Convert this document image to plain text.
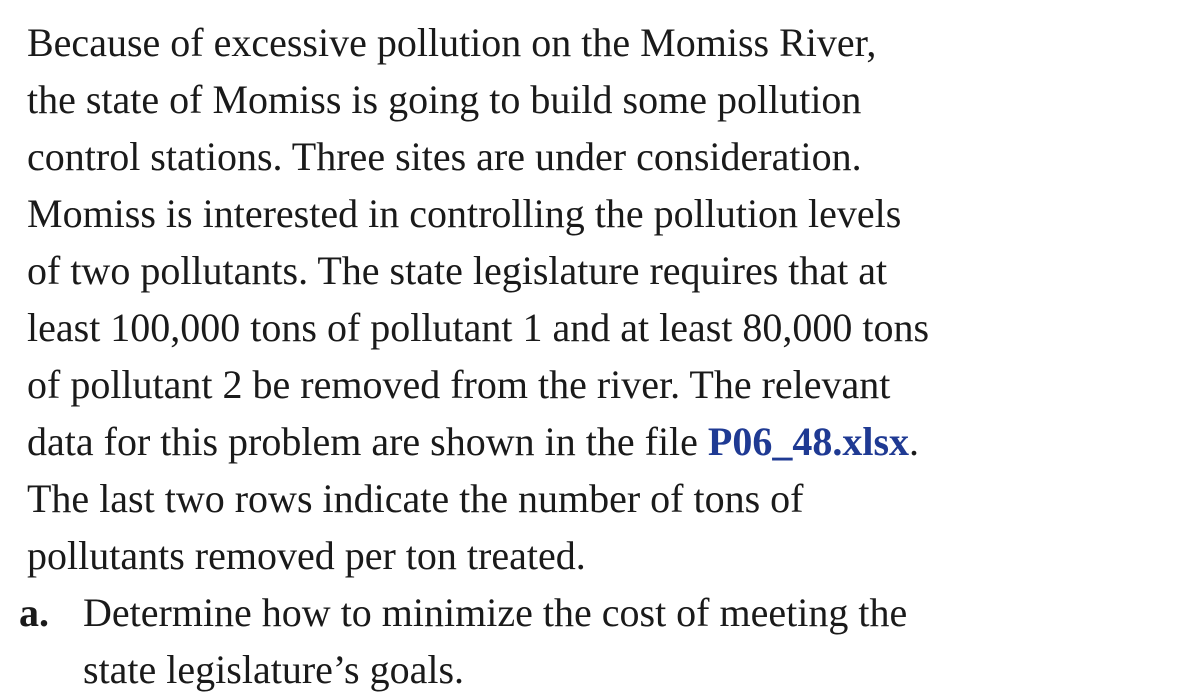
Because of excessive pollution on the Momiss River,
the state of Momiss is going to build some pollution
control stations. Three sites are under consideration.
Momiss is interested in controlling the pollution levels
of two pollutants. The state legislature requires that at
least 100,000 tons of pollutant 1 and at least 80,000 tons
of pollutant 2 be removed from the river. The relevant
data for this problem are shown in the file P06_48.xlsx.
The last two rows indicate the number of tons of
pollutants removed per ton treated.
a. Determine how to minimize the cost of meeting the
state legislature’s goals.
